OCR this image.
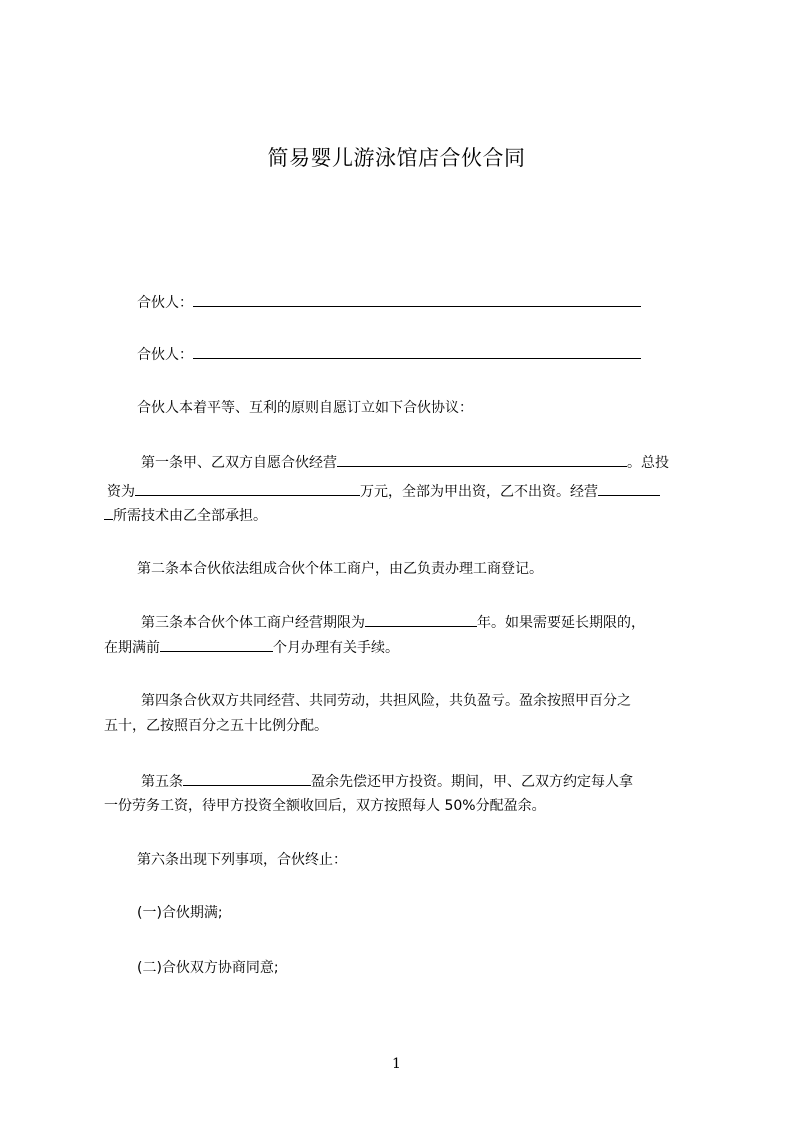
简易婴儿游泳馆店合伙合同
合伙人：
合伙人：
合伙人本着平等、互利的原则自愿订立如下合伙协议：
第一条甲、乙双方自愿合伙经营	。总投
资为	万元，全部为甲出资，乙不出资。经营
所需技术由乙全部承担。
第二条本合伙依法组成合伙个体工商户，由乙负责办理工商登记。
第三条本合伙个体工商户经营期限为	年。如果需要延长期限的，
在期满前	个月办理有关手续。
第四条合伙双方共同经营、共同劳动，共担风险，共负盈亏。盈余按照甲百分之
五十，乙按照百分之五十比例分配。
第五条	盈余先偿还甲方投资。期间，甲、乙双方约定每人拿
一份劳务工资，待甲方投资全额收回后，双方按照每人 50%分配盈余。
第六条出现下列事项，合伙终止：
(一)合伙期满;
(二)合伙双方协商同意;
1
